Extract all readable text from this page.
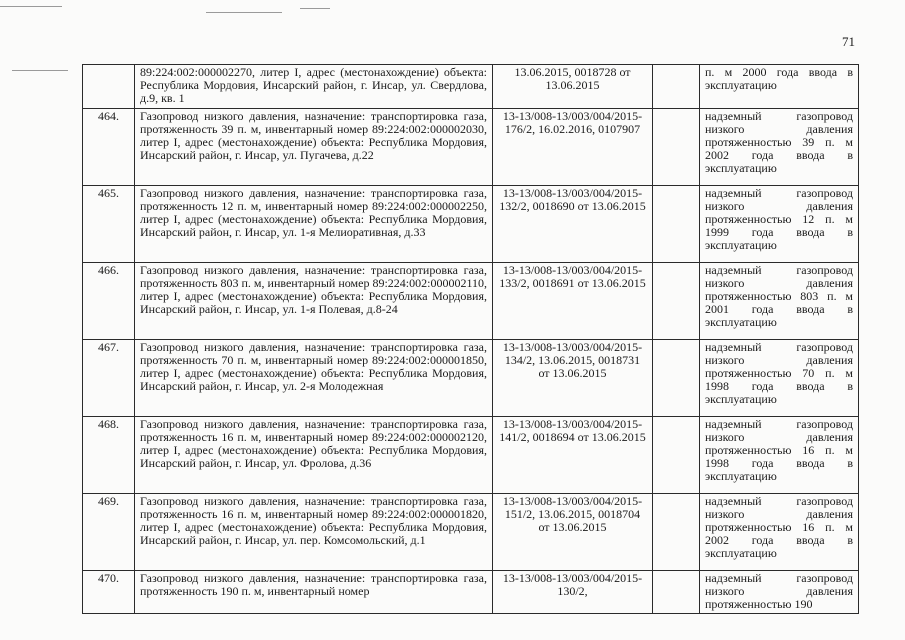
71
	89:224:002:000002270, литер I, адрес (местонахождение) объекта: Республика Мордовия, Инсарский район, г. Инсар, ул. Свердлова, д.9, кв. 1	13.06.2015, 0018728 от 13.06.2015		п. м 2000 года ввода в эксплуатацию
464.	Газопровод низкого давления, назначение: транспортировка газа, протяженность 39 п. м, инвентарный номер 89:224:002:000002030, литер I, адрес (местонахождение) объекта: Республика Мордовия, Инсарский район, г. Инсар, ул. Пугачева, д.22	13-13/008-13/003/004/2015-176/2, 16.02.2016, 0107907		надземный газопровод низкого давления протяженностью 39 п. м 2002 года ввода в эксплуатацию
465.	Газопровод низкого давления, назначение: транспортировка газа, протяженность 12 п. м, инвентарный номер 89:224:002:000002250, литер I, адрес (местонахождение) объекта: Республика Мордовия, Инсарский район, г. Инсар, ул. 1-я Мелиоративная, д.33	13-13/008-13/003/004/2015-132/2, 0018690 от 13.06.2015		надземный газопровод низкого давления протяженностью 12 п. м 1999 года ввода в эксплуатацию
466.	Газопровод низкого давления, назначение: транспортировка газа, протяженность 803 п. м, инвентарный номер 89:224:002:000002110, литер I, адрес (местонахождение) объекта: Республика Мордовия, Инсарский район, г. Инсар, ул. 1-я Полевая, д.8-24	13-13/008-13/003/004/2015-133/2, 0018691 от 13.06.2015		надземный газопровод низкого давления протяженностью 803 п. м 2001 года ввода в эксплуатацию
467.	Газопровод низкого давления, назначение: транспортировка газа, протяженность 70 п. м, инвентарный номер 89:224:002:000001850, литер I, адрес (местонахождение) объекта: Республика Мордовия, Инсарский район, г. Инсар, ул. 2-я Молодежная	13-13/008-13/003/004/2015-134/2, 13.06.2015, 0018731 от 13.06.2015		надземный газопровод низкого давления протяженностью 70 п. м 1998 года ввода в эксплуатацию
468.	Газопровод низкого давления, назначение: транспортировка газа, протяженность 16 п. м, инвентарный номер 89:224:002:000002120, литер I, адрес (местонахождение) объекта: Республика Мордовия, Инсарский район, г. Инсар, ул. Фролова, д.36	13-13/008-13/003/004/2015-141/2, 0018694 от 13.06.2015		надземный газопровод низкого давления протяженностью 16 п. м 1998 года ввода в эксплуатацию
469.	Газопровод низкого давления, назначение: транспортировка газа, протяженность 16 п. м, инвентарный номер 89:224:002:000001820, литер I, адрес (местонахождение) объекта: Республика Мордовия, Инсарский район, г. Инсар, ул. пер. Комсомольский, д.1	13-13/008-13/003/004/2015-151/2, 13.06.2015, 0018704 от 13.06.2015		надземный газопровод низкого давления протяженностью 16 п. м 2002 года ввода в эксплуатацию
470.	Газопровод низкого давления, назначение: транспортировка газа, протяженность 190 п. м, инвентарный номер	13-13/008-13/003/004/2015-130/2,		надземный газопровод низкого давления протяженностью 190
